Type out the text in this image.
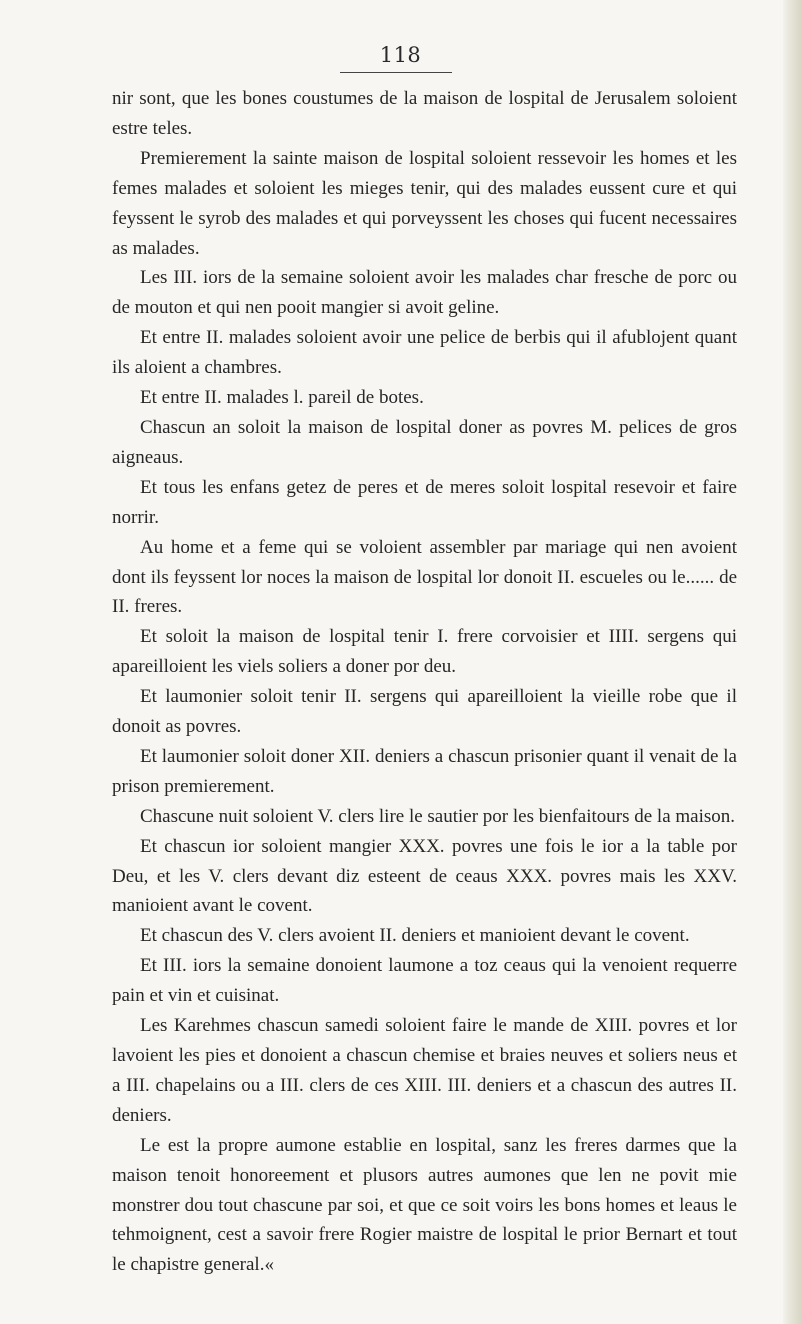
118

nir sont, que les bones coustumes de la maison de lospital de Jerusalem soloient estre teles.

Premierement la sainte maison de lospital soloient ressevoir les homes et les femes malades et soloient les mieges tenir, qui des malades eussent cure et qui feyssent le syrob des malades et qui porveyssent les choses qui fucent necessaires as malades.

Les III. iors de la semaine soloient avoir les malades char fresche de porc ou de mouton et qui nen pooit mangier si avoit geline.

Et entre II. malades soloient avoir une pelice de berbis qui il afublojent quant ils aloient a chambres.

Et entre II. malades l. pareil de botes.

Chascun an soloit la maison de lospital doner as povres M. pelices de gros aigneaus.

Et tous les enfans getez de peres et de meres soloit lospital resevoir et faire norrir.

Au home et a feme qui se voloient assembler par mariage qui nen avoient dont ils feyssent lor noces la maison de lospital lor donoit II. escueles ou le...... de II. freres.

Et soloit la maison de lospital tenir I. frere corvoisier et IIII. sergens qui apareilloient les viels soliers a doner por deu.

Et laumonier soloit tenir II. sergens qui apareilloient la vieille robe que il donoit as povres.

Et laumonier soloit doner XII. deniers a chascun prisonier quant il venait de la prison premierement.

Chascune nuit soloient V. clers lire le sautier por les bienfaitours de la maison.

Et chascun ior soloient mangier XXX. povres une fois le ior a la table por Deu, et les V. clers devant diz esteent de ceaus XXX. povres mais les XXV. manioient avant le covent.

Et chascun des V. clers avoient II. deniers et manioient devant le covent.

Et III. iors la semaine donoient laumone a toz ceaus qui la venoient requerre pain et vin et cuisinat.

Les Karehmes chascun samedi soloient faire le mande de XIII. povres et lor lavoient les pies et donoient a chascun chemise et braies neuves et soliers neus et a III. chapelains ou a III. clers de ces XIII. III. deniers et a chascun des autres II. deniers.

Le est la propre aumone establie en lospital, sanz les freres darmes que la maison tenoit honoreement et plusors autres aumones que len ne povit mie monstrer dou tout chascune par soi, et que ce soit voirs les bons homes et leaus le tehmoignent, cest a savoir frere Rogier maistre de lospital le prior Bernart et tout le chapistre general.«
